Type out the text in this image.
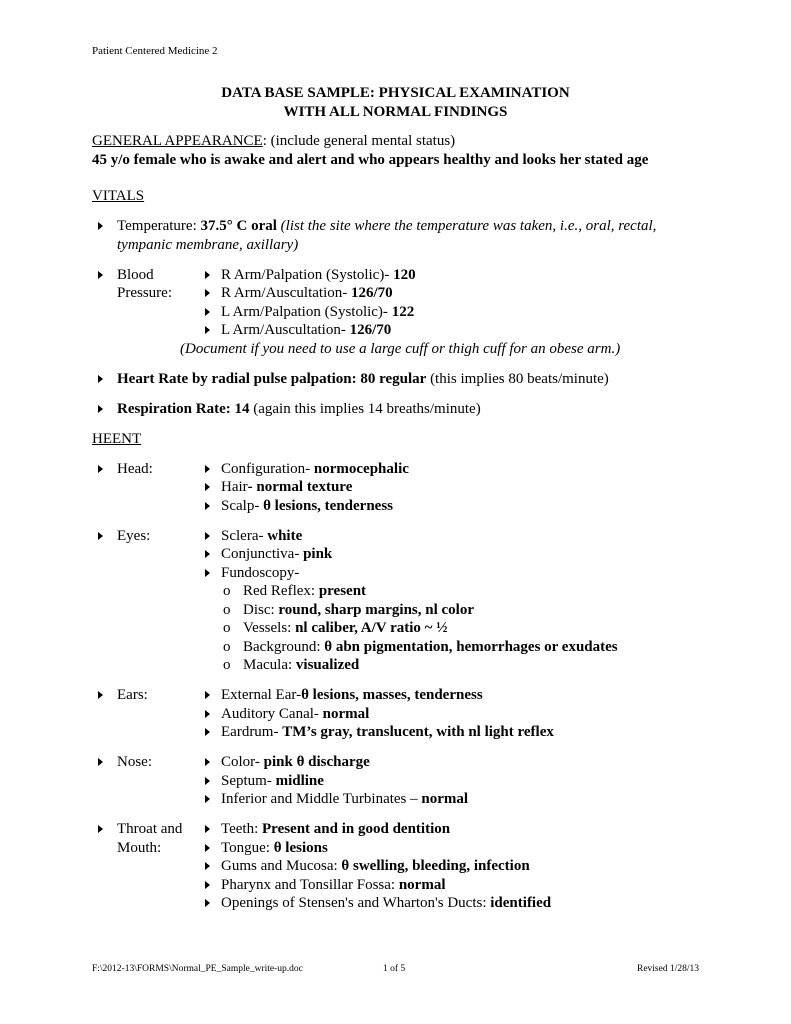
Patient Centered Medicine 2
DATA BASE SAMPLE: PHYSICAL EXAMINATION
WITH ALL NORMAL FINDINGS
GENERAL APPEARANCE: (include general mental status)
45 y/o female who is awake and alert and who appears healthy and looks her stated age
VITALS
Temperature: 37.5° C oral (list the site where the temperature was taken, i.e., oral, rectal, tympanic membrane, axillary)
Blood Pressure:
R Arm/Palpation (Systolic)- 120
R Arm/Auscultation- 126/70
L Arm/Palpation (Systolic)- 122
L Arm/Auscultation- 126/70
(Document if you need to use a large cuff or thigh cuff for an obese arm.)
Heart Rate by radial pulse palpation: 80 regular (this implies 80 beats/minute)
Respiration Rate: 14 (again this implies 14 breaths/minute)
HEENT
Head:	Configuration- normocephalic
Hair- normal texture
Scalp- θ lesions, tenderness
Eyes:	Sclera- white
Conjunctiva- pink
Fundoscopy-
o Red Reflex: present
o Disc: round, sharp margins, nl color
o Vessels: nl caliber, A/V ratio ~ ½
o Background: θ abn pigmentation, hemorrhages or exudates
o Macula: visualized
Ears:	External Ear-θ lesions, masses, tenderness
Auditory Canal- normal
Eardrum- TM’s gray, translucent, with nl light reflex
Nose:	Color- pink θ discharge
Septum- midline
Inferior and Middle Turbinates – normal
Throat and Mouth:
Teeth: Present and in good dentition
Tongue: θ lesions
Gums and Mucosa: θ swelling, bleeding, infection
Pharynx and Tonsillar Fossa: normal
Openings of Stensen's and Wharton's Ducts: identified
F:\2012-13\FORMS\Normal_PE_Sample_write-up.doc	1 of 5	Revised 1/28/13
